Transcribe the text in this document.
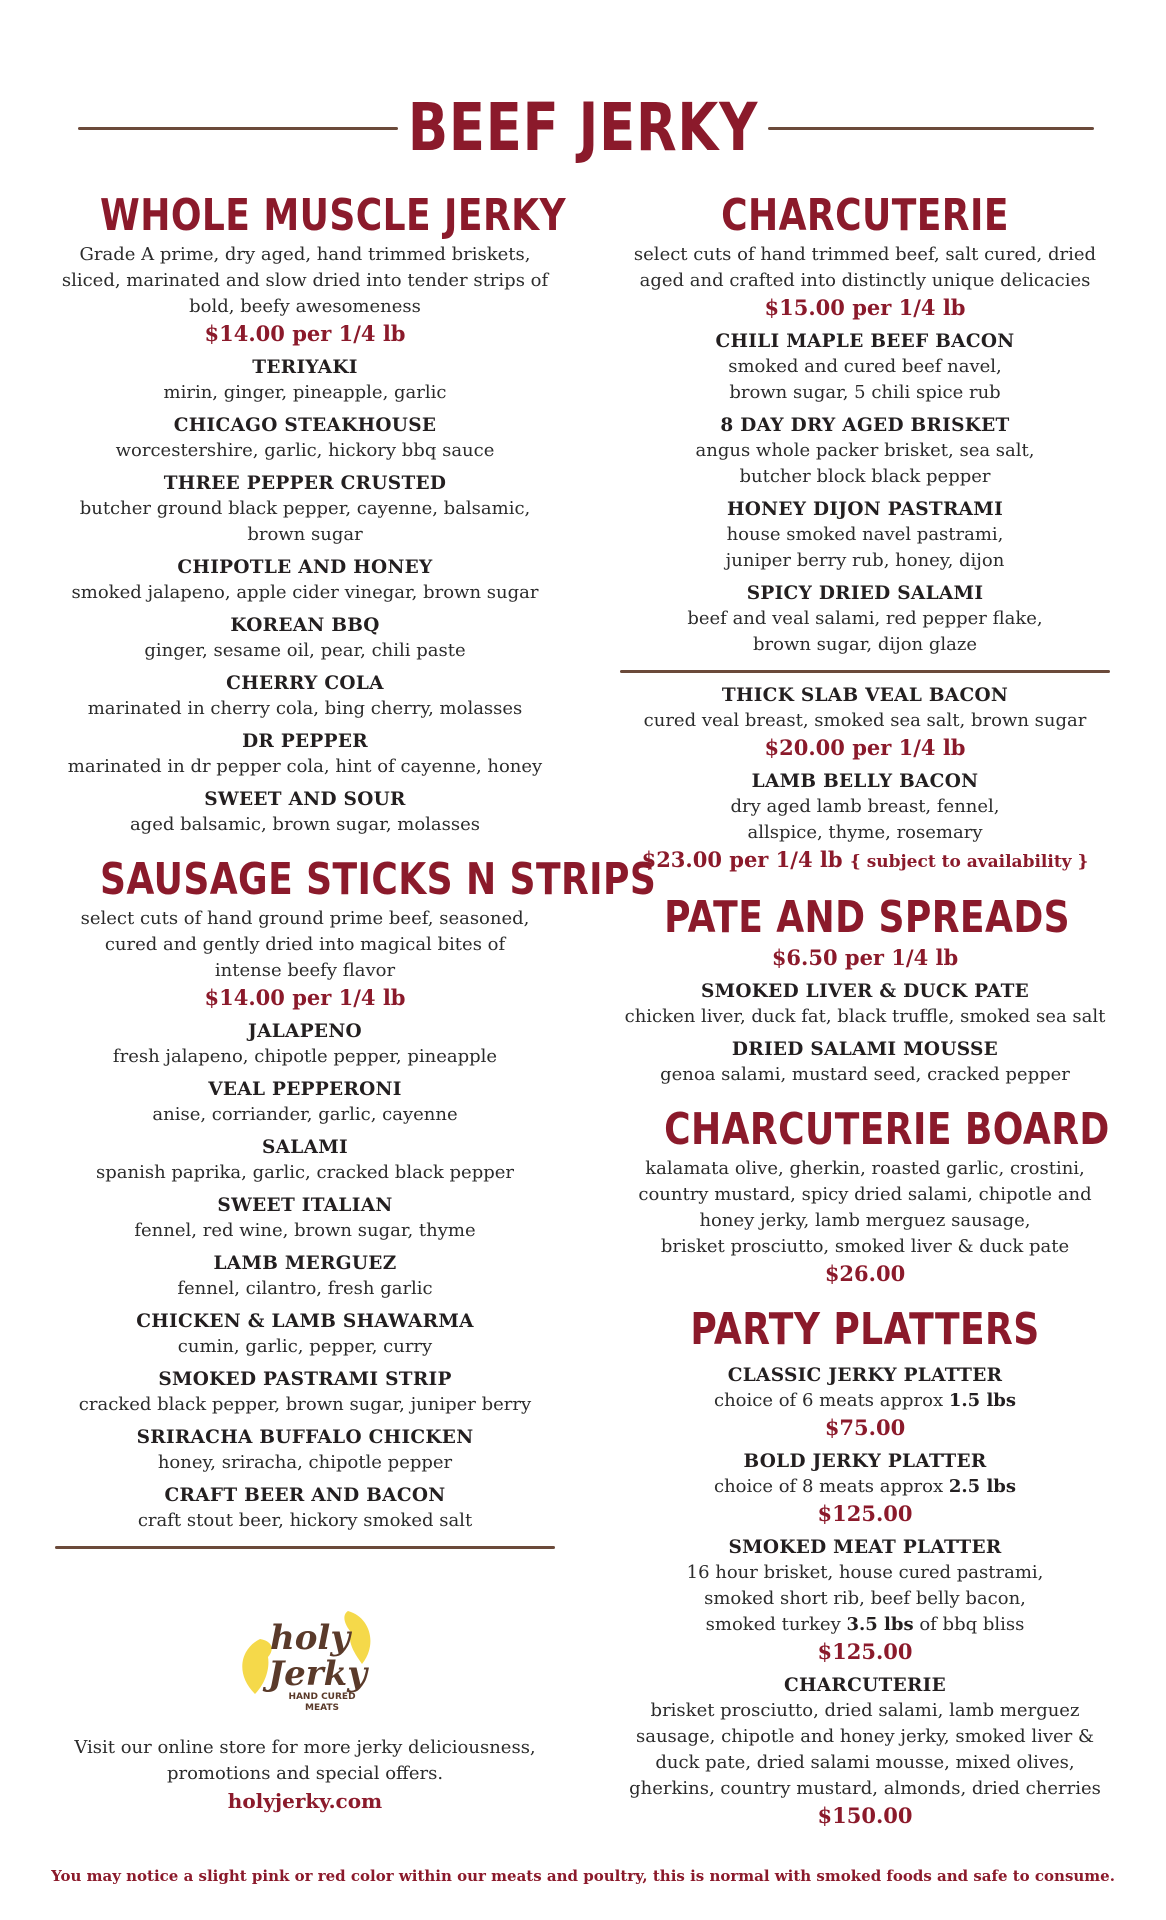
BEEF JERKY
WHOLE MUSCLE JERKY
Grade A prime, dry aged, hand trimmed briskets,
sliced, marinated and slow dried into tender strips of
bold, beefy awesomeness
$14.00 per 1/4 lb
TERIYAKI
mirin, ginger, pineapple, garlic
CHICAGO STEAKHOUSE
worcestershire, garlic, hickory bbq sauce
THREE PEPPER CRUSTED
butcher ground black pepper, cayenne, balsamic,
brown sugar
CHIPOTLE AND HONEY
smoked jalapeno, apple cider vinegar, brown sugar
KOREAN BBQ
ginger, sesame oil, pear, chili paste
CHERRY COLA
marinated in cherry cola, bing cherry, molasses
DR PEPPER
marinated in dr pepper cola, hint of cayenne, honey
SWEET AND SOUR
aged balsamic, brown sugar, molasses
SAUSAGE STICKS N STRIPS
select cuts of hand ground prime beef, seasoned,
cured and gently dried into magical bites of
intense beefy flavor
$14.00 per 1/4 lb
JALAPENO
fresh jalapeno, chipotle pepper, pineapple
VEAL PEPPERONI
anise, corriander, garlic, cayenne
SALAMI
spanish paprika, garlic, cracked black pepper
SWEET ITALIAN
fennel, red wine, brown sugar, thyme
LAMB MERGUEZ
fennel, cilantro, fresh garlic
CHICKEN & LAMB SHAWARMA
cumin, garlic, pepper, curry
SMOKED PASTRAMI STRIP
cracked black pepper, brown sugar, juniper berry
SRIRACHA BUFFALO CHICKEN
honey, sriracha, chipotle pepper
CRAFT BEER AND BACON
craft stout beer, hickory smoked salt
holy
Jerky
HAND CURED
MEATS
Visit our online store for more jerky deliciousness,
promotions and special offers.
holyjerky.com
CHARCUTERIE
select cuts of hand trimmed beef, salt cured, dried
aged and crafted into distinctly unique delicacies
$15.00 per 1/4 lb
CHILI MAPLE BEEF BACON
smoked and cured beef navel,
brown sugar, 5 chili spice rub
8 DAY DRY AGED BRISKET
angus whole packer brisket, sea salt,
butcher block black pepper
HONEY DIJON PASTRAMI
house smoked navel pastrami,
juniper berry rub, honey, dijon
SPICY DRIED SALAMI
beef and veal salami, red pepper flake,
brown sugar, dijon glaze
THICK SLAB VEAL BACON
cured veal breast, smoked sea salt, brown sugar
$20.00 per 1/4 lb
LAMB BELLY BACON
dry aged lamb breast, fennel,
allspice, thyme, rosemary
$23.00 per 1/4 lb { subject to availability }
PATE AND SPREADS
$6.50 per 1/4 lb
SMOKED LIVER & DUCK PATE
chicken liver, duck fat, black truffle, smoked sea salt
DRIED SALAMI MOUSSE
genoa salami, mustard seed, cracked pepper
CHARCUTERIE BOARD
kalamata olive, gherkin, roasted garlic, crostini,
country mustard, spicy dried salami, chipotle and
honey jerky, lamb merguez sausage,
brisket prosciutto, smoked liver & duck pate
$26.00
PARTY PLATTERS
CLASSIC JERKY PLATTER
choice of 6 meats approx 1.5 lbs
$75.00
BOLD JERKY PLATTER
choice of 8 meats approx 2.5 lbs
$125.00
SMOKED MEAT PLATTER
16 hour brisket, house cured pastrami,
smoked short rib, beef belly bacon,
smoked turkey 3.5 lbs of bbq bliss
$125.00
CHARCUTERIE
brisket prosciutto, dried salami, lamb merguez
sausage, chipotle and honey jerky, smoked liver &
duck pate, dried salami mousse, mixed olives,
gherkins, country mustard, almonds, dried cherries
$150.00
You may notice a slight pink or red color within our meats and poultry, this is normal with smoked foods and safe to consume.
